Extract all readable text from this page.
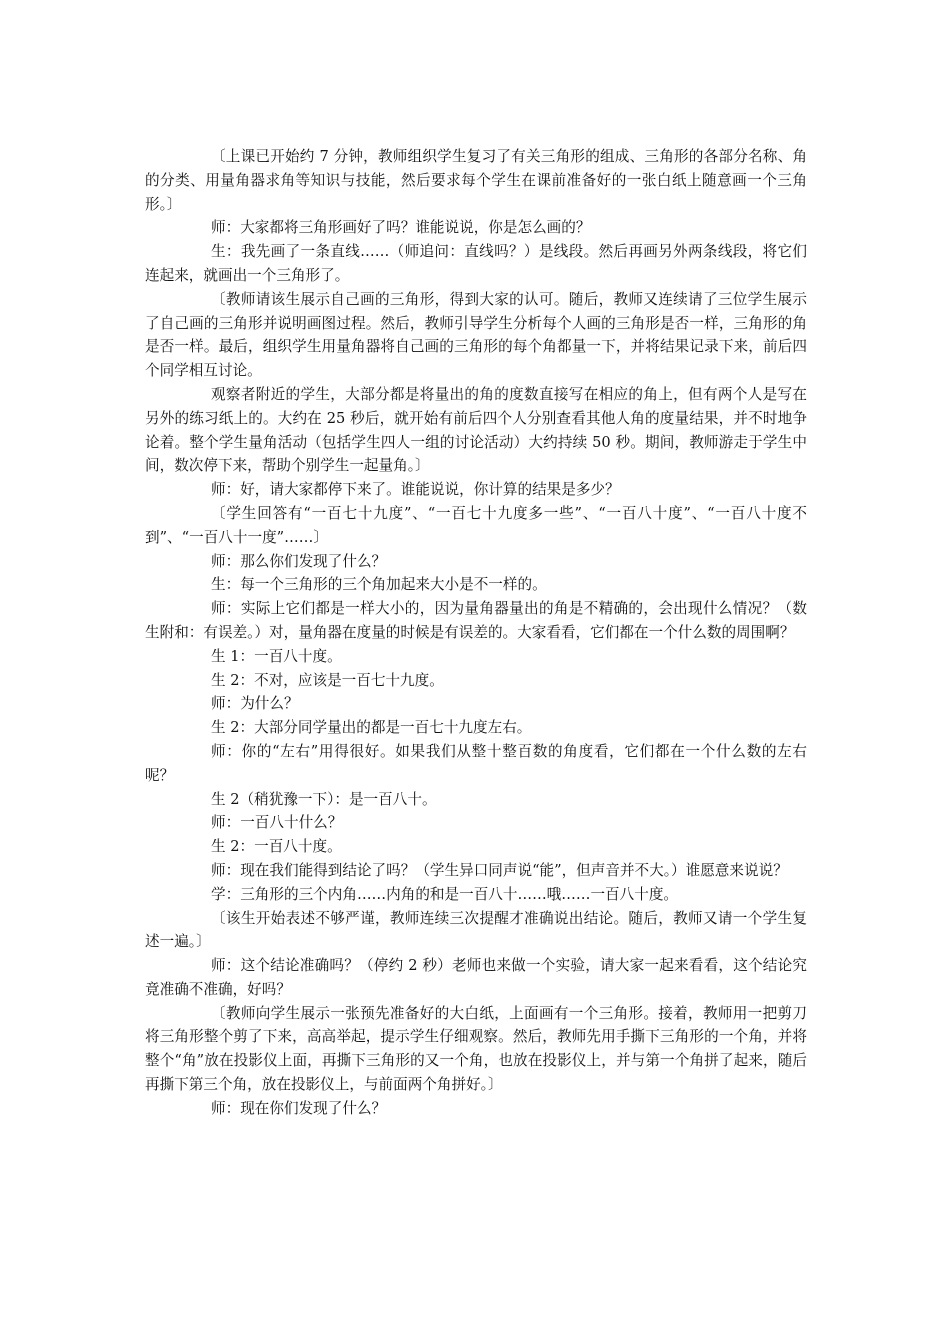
〔上课已开始约 7 分钟，教师组织学生复习了有关三角形的组成、三角形的各部分名称、角的分类、用量角器求角等知识与技能，然后要求每个学生在课前准备好的一张白纸上随意画一个三角形。〕

师：大家都将三角形画好了吗？谁能说说，你是怎么画的？

生：我先画了一条直线……（师追问：直线吗？）是线段。然后再画另外两条线段，将它们连起来，就画出一个三角形了。

〔教师请该生展示自己画的三角形，得到大家的认可。随后，教师又连续请了三位学生展示了自己画的三角形并说明画图过程。然后，教师引导学生分析每个人画的三角形是否一样，三角形的角是否一样。最后，组织学生用量角器将自己画的三角形的每个角都量一下，并将结果记录下来，前后四个同学相互讨论。

观察者附近的学生，大部分都是将量出的角的度数直接写在相应的角上，但有两个人是写在另外的练习纸上的。大约在 25 秒后，就开始有前后四个人分别查看其他人角的度量结果，并不时地争论着。整个学生量角活动（包括学生四人一组的讨论活动）大约持续 50 秒。期间，教师游走于学生中间，数次停下来，帮助个别学生一起量角。〕

师：好，请大家都停下来了。谁能说说，你计算的结果是多少？

〔学生回答有“一百七十九度”、“一百七十九度多一些”、“一百八十度”、“一百八十度不到”、“一百八十一度”……〕

师：那么你们发现了什么？

生：每一个三角形的三个角加起来大小是不一样的。

师：实际上它们都是一样大小的，因为量角器量出的角是不精确的，会出现什么情况？（数生附和：有误差。）对，量角器在度量的时候是有误差的。大家看看，它们都在一个什么数的周围啊？

生 1：一百八十度。

生 2：不对，应该是一百七十九度。

师：为什么？

生 2：大部分同学量出的都是一百七十九度左右。

师：你的“左右”用得很好。如果我们从整十整百数的角度看，它们都在一个什么数的左右呢？

生 2（稍犹豫一下）：是一百八十。

师：一百八十什么？

生 2：一百八十度。

师：现在我们能得到结论了吗？（学生异口同声说“能”，但声音并不大。）谁愿意来说说？

学：三角形的三个内角……内角的和是一百八十……哦……一百八十度。

〔该生开始表述不够严谨，教师连续三次提醒才准确说出结论。随后，教师又请一个学生复述一遍。〕

师：这个结论准确吗？（停约 2 秒）老师也来做一个实验，请大家一起来看看，这个结论究竟准确不准确，好吗？

〔教师向学生展示一张预先准备好的大白纸，上面画有一个三角形。接着，教师用一把剪刀将三角形整个剪了下来，高高举起，提示学生仔细观察。然后，教师先用手撕下三角形的一个角，并将整个“角”放在投影仪上面，再撕下三角形的又一个角，也放在投影仪上，并与第一个角拼了起来，随后再撕下第三个角，放在投影仪上，与前面两个角拼好。〕

师：现在你们发现了什么？
